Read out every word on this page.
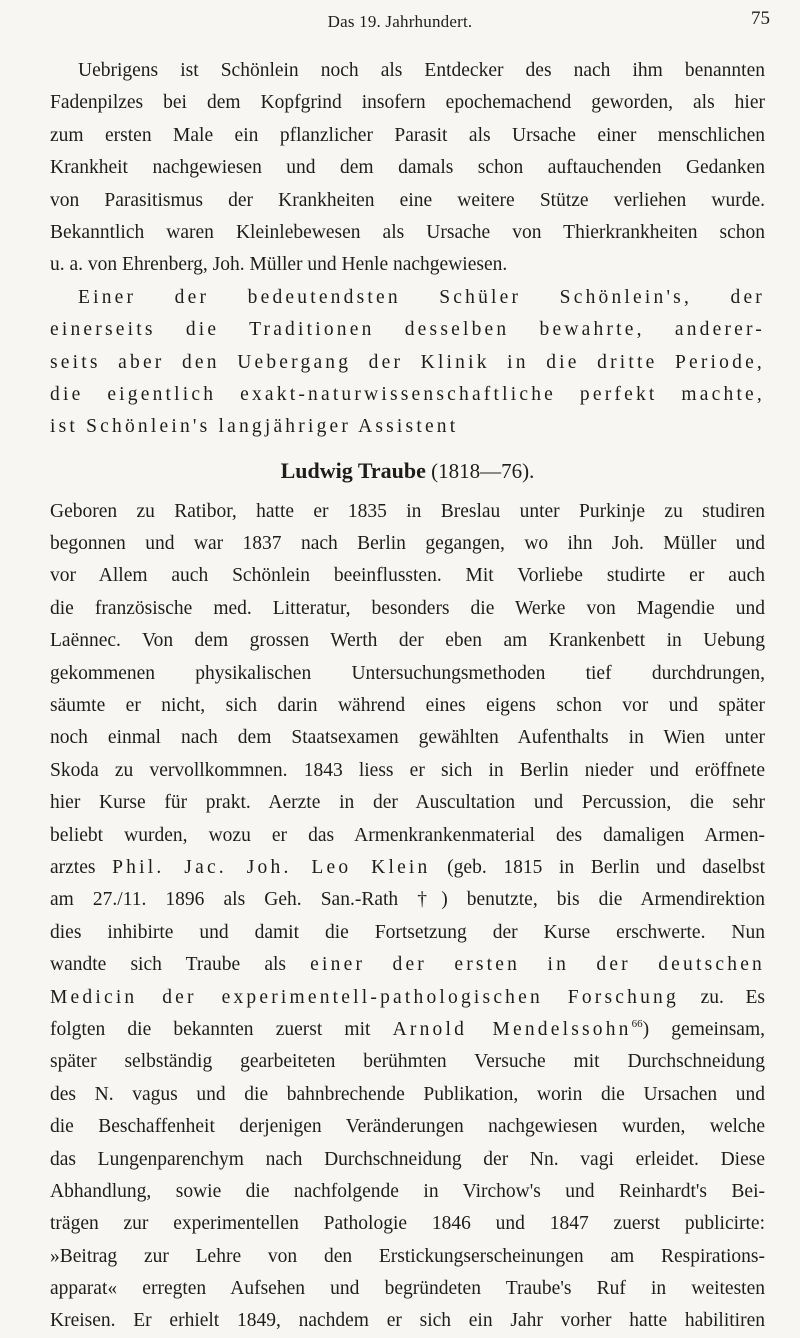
Das 19. Jahrhundert.	75
Uebrigens ist Schönlein noch als Entdecker des nach ihm benannten
Fadenpilzes bei dem Kopfgrind insofern epochemachend geworden, als hier
zum ersten Male ein pflanzlicher Parasit als Ursache einer menschlichen
Krankheit nachgewiesen und dem damals schon auftauchenden Gedanken
von Parasitismus der Krankheiten eine weitere Stütze verliehen wurde.
Bekanntlich waren Kleinlebewesen als Ursache von Thierkrankheiten schon
u. a. von Ehrenberg, Joh. Müller und Henle nachgewiesen.
Einer der bedeutendsten Schüler Schönlein's, der
einerseits die Traditionen desselben bewahrte, anderer-
seits aber den Uebergang der Klinik in die dritte Periode,
die eigentlich exakt-naturwissenschaftliche perfekt machte,
ist Schönlein's langjähriger Assistent
Ludwig Traube (1818—76).
Geboren zu Ratibor, hatte er 1835 in Breslau unter Purkinje zu studiren
begonnen und war 1837 nach Berlin gegangen, wo ihn Joh. Müller und
vor Allem auch Schönlein beeinflussten. Mit Vorliebe studirte er auch
die französische med. Litteratur, besonders die Werke von Magendie und
Laënnec. Von dem grossen Werth der eben am Krankenbett in Uebung
gekommenen physikalischen Untersuchungsmethoden tief durchdrungen,
säumte er nicht, sich darin während eines eigens schon vor und später
noch einmal nach dem Staatsexamen gewählten Aufenthalts in Wien unter
Skoda zu vervollkommnen. 1843 liess er sich in Berlin nieder und eröffnete
hier Kurse für prakt. Aerzte in der Auscultation und Percussion, die sehr
beliebt wurden, wozu er das Armenkrankenmaterial des damaligen Armen-
arztes Phil. Jac. Joh. Leo Klein (geb. 1815 in Berlin und daselbst
am 27./11. 1896 als Geh. San.-Rath †) benutzte, bis die Armendirektion
dies inhibirte und damit die Fortsetzung der Kurse erschwerte. Nun
wandte sich Traube als einer der ersten in der deutschen
Medicin der experimentell-pathologischen Forschung zu. Es
folgten die bekannten zuerst mit Arnold Mendelssohn$^{66}$) gemeinsam,
später selbständig gearbeiteten berühmten Versuche mit Durchschneidung
des N. vagus und die bahnbrechende Publikation, worin die Ursachen und
die Beschaffenheit derjenigen Veränderungen nachgewiesen wurden, welche
das Lungenparenchym nach Durchschneidung der Nn. vagi erleidet. Diese
Abhandlung, sowie die nachfolgende in Virchow's und Reinhardt's Bei-
trägen zur experimentellen Pathologie 1846 und 1847 zuerst publicirte:
»Beitrag zur Lehre von den Erstickungserscheinungen am Respirations-
apparat« erregten Aufsehen und begründeten Traube's Ruf in weitesten
Kreisen. Er erhielt 1849, nachdem er sich ein Jahr vorher hatte habilitiren
